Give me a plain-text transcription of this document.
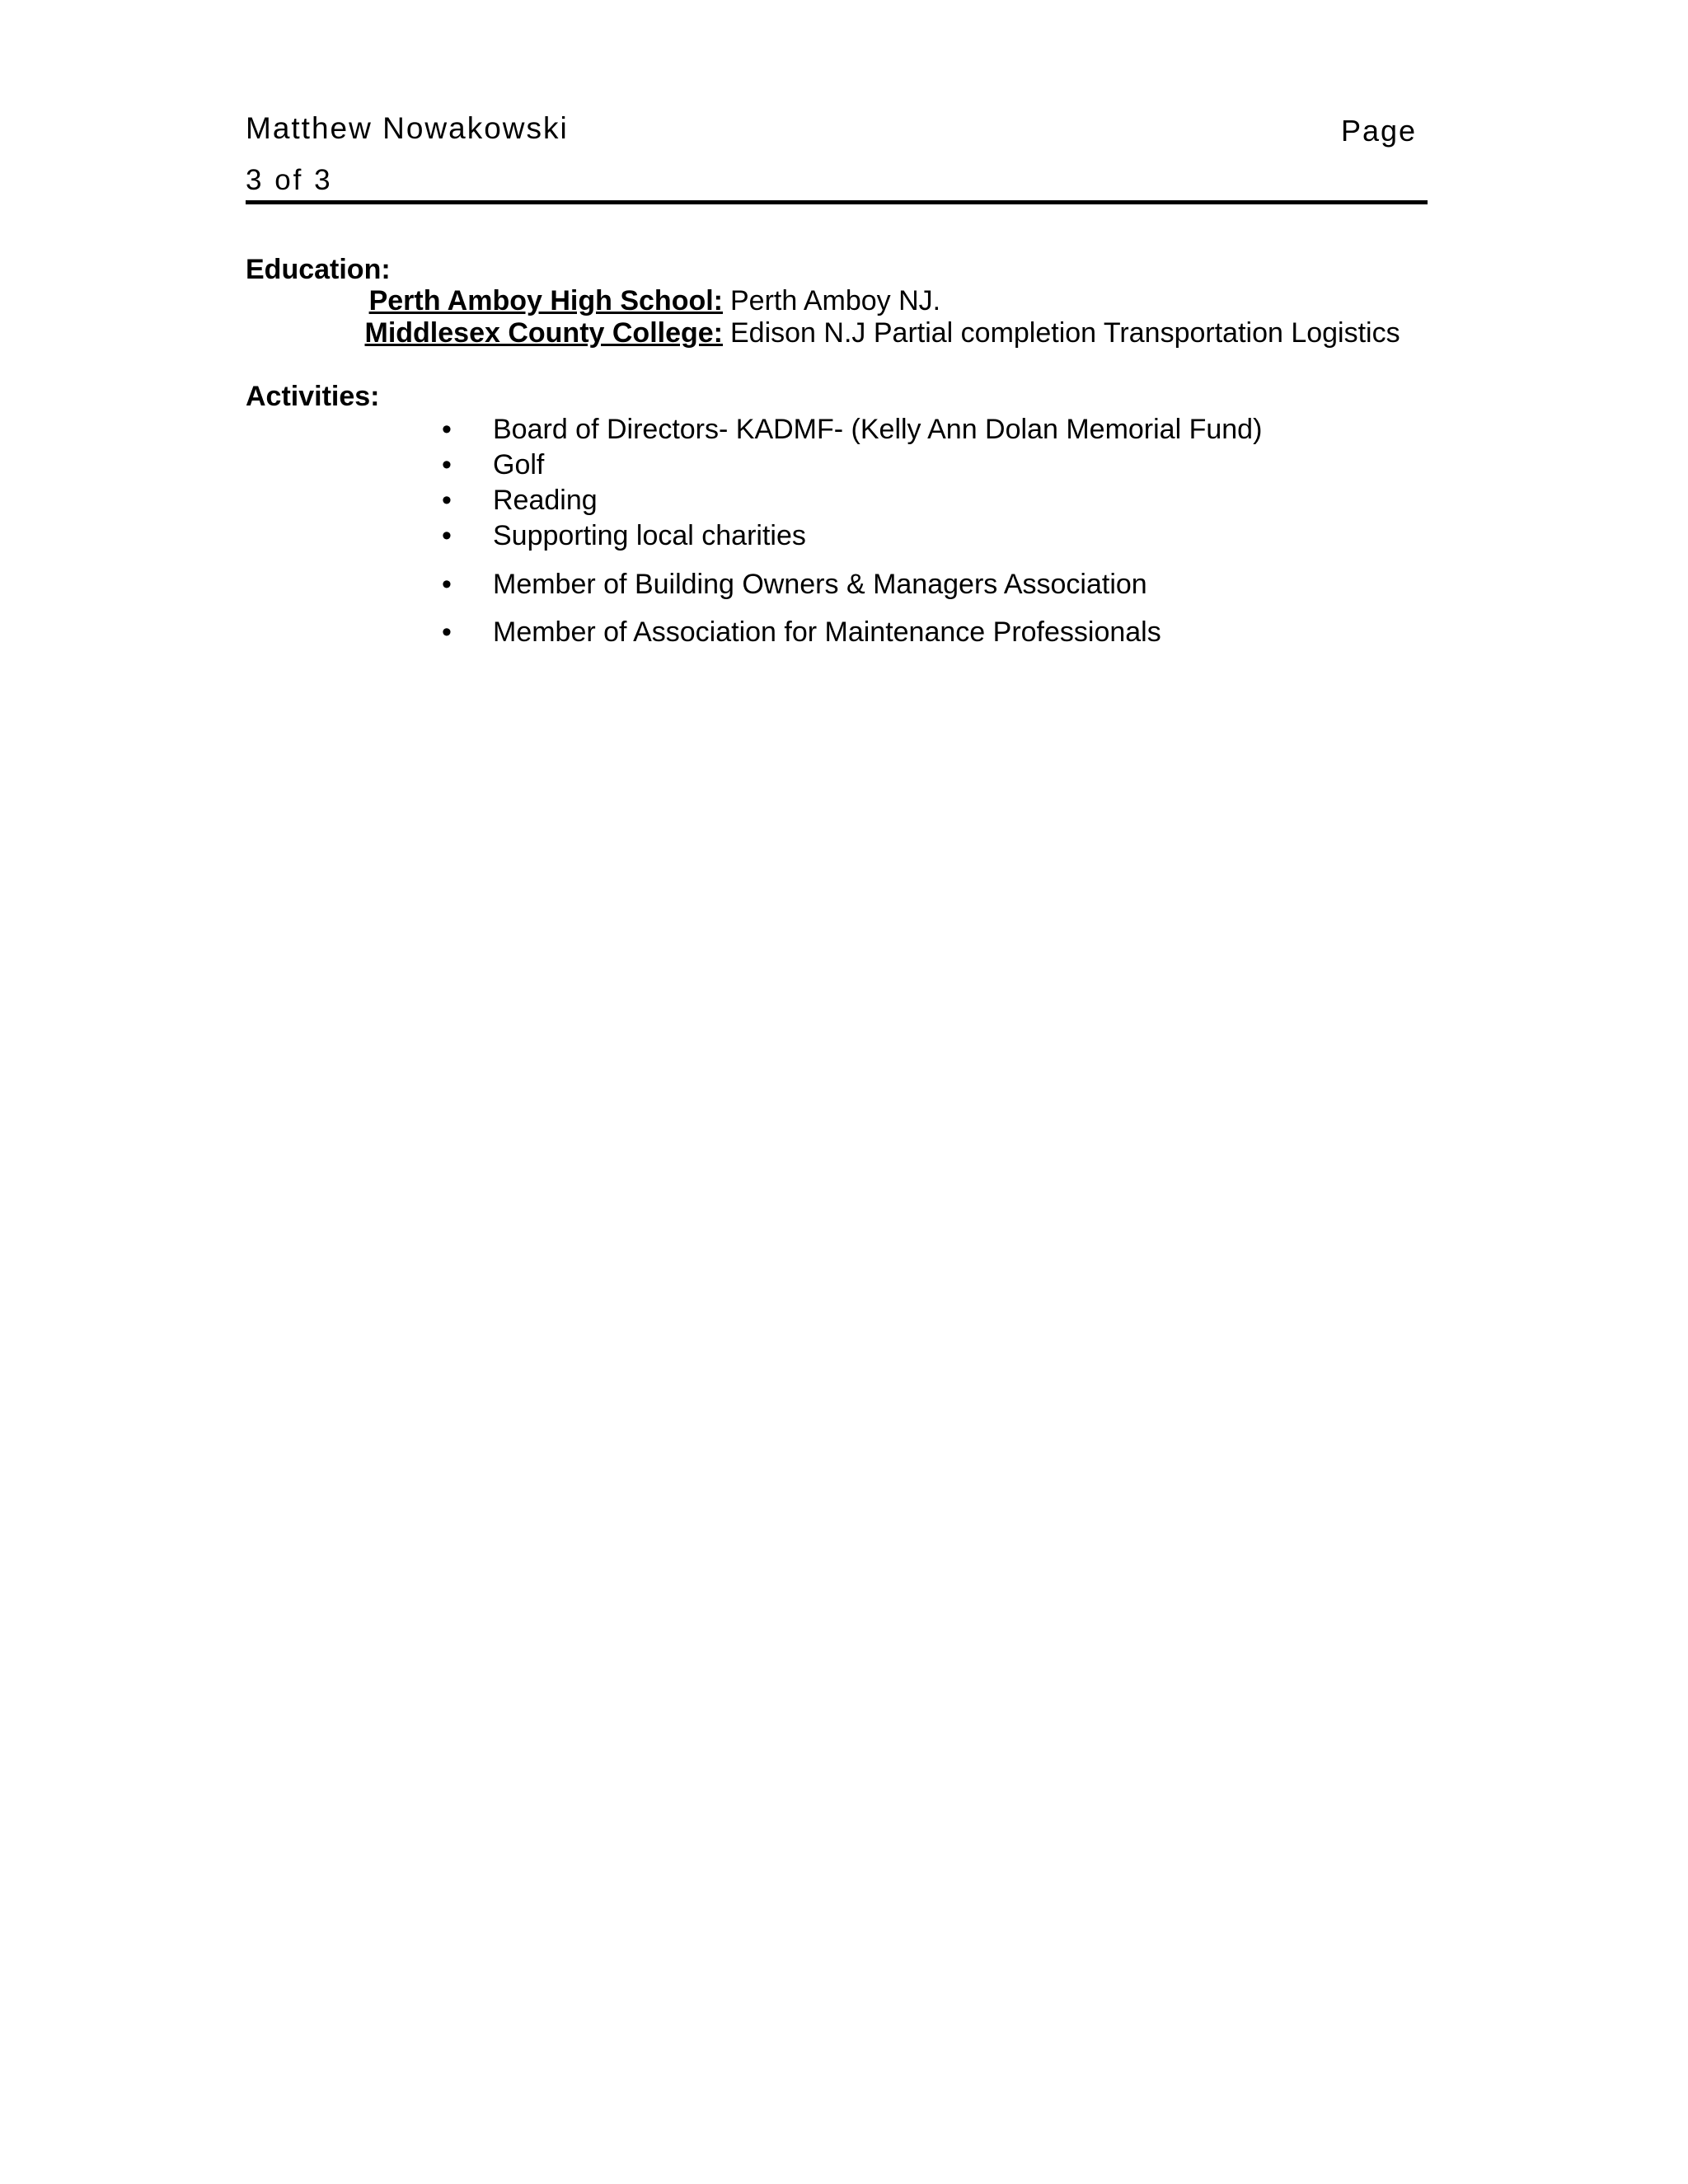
Matthew Nowakowski	Page
3 of 3
Education:
Perth Amboy High School: Perth Amboy NJ.
Middlesex County College: Edison N.J Partial completion Transportation Logistics
Activities:
• Board of Directors- KADMF- (Kelly Ann Dolan Memorial Fund)
• Golf
• Reading
• Supporting local charities
• Member of Building Owners & Managers Association
• Member of Association for Maintenance Professionals
